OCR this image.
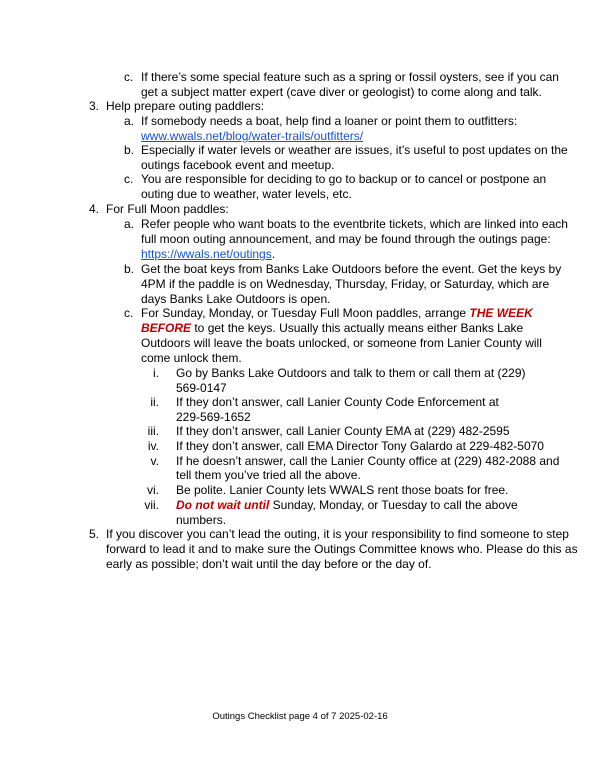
c. If there’s some special feature such as a spring or fossil oysters, see if you can
get a subject matter expert (cave diver or geologist) to come along and talk.
3. Help prepare outing paddlers:
a. If somebody needs a boat, help find a loaner or point them to outfitters:
www.wwals.net/blog/water-trails/outfitters/
b. Especially if water levels or weather are issues, it’s useful to post updates on the
outings facebook event and meetup.
c. You are responsible for deciding to go to backup or to cancel or postpone an
outing due to weather, water levels, etc.
4. For Full Moon paddles:
a. Refer people who want boats to the eventbrite tickets, which are linked into each
full moon outing announcement, and may be found through the outings page:
https://wwals.net/outings.
b. Get the boat keys from Banks Lake Outdoors before the event. Get the keys by
4PM if the paddle is on Wednesday, Thursday, Friday, or Saturday, which are
days Banks Lake Outdoors is open.
c. For Sunday, Monday, or Tuesday Full Moon paddles, arrange THE WEEK
BEFORE to get the keys. Usually this actually means either Banks Lake
Outdoors will leave the boats unlocked, or someone from Lanier County will
come unlock them.
i. Go by Banks Lake Outdoors and talk to them or call them at (229)
569-0147
ii. If they don’t answer, call Lanier County Code Enforcement at
229-569-1652
iii. If they don’t answer, call Lanier County EMA at (229) 482-2595
iv. If they don’t answer, call EMA Director Tony Galardo at 229-482-5070
v. If he doesn’t answer, call the Lanier County office at (229) 482-2088 and
tell them you’ve tried all the above.
vi. Be polite. Lanier County lets WWALS rent those boats for free.
vii. Do not wait until Sunday, Monday, or Tuesday to call the above
numbers.
5. If you discover you can’t lead the outing, it is your responsibility to find someone to step
forward to lead it and to make sure the Outings Committee knows who. Please do this as
early as possible; don’t wait until the day before or the day of.
Outings Checklist page 4 of 7 2025-02-16
